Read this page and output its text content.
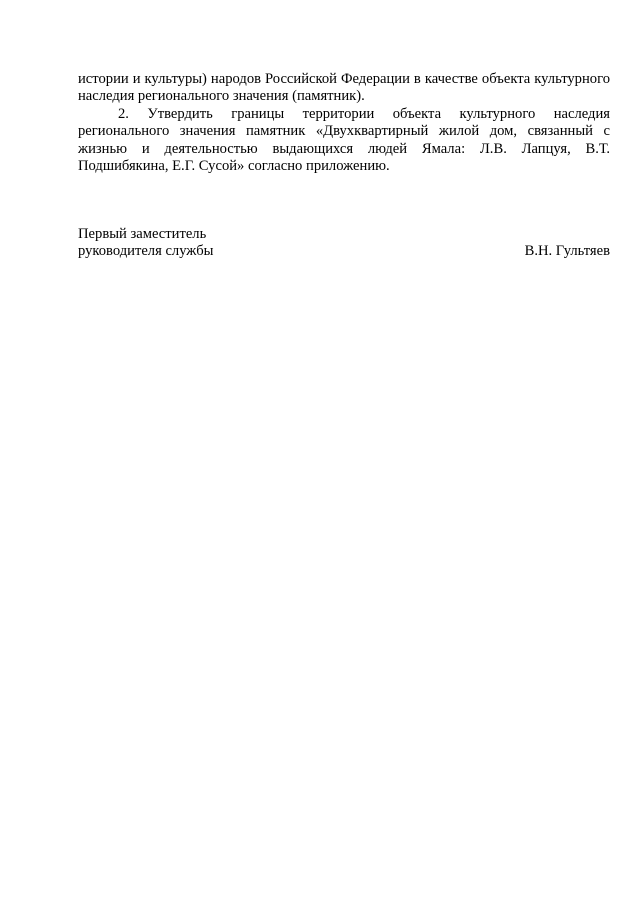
истории и культуры) народов Российской Федерации в качестве объекта культурного наследия регионального значения (памятник).

2. Утвердить границы территории объекта культурного наследия регионального значения памятник «Двухквартирный жилой дом, связанный с жизнью и деятельностью выдающихся людей Ямала: Л.В. Лапцуя, В.Т. Подшибякина, Е.Г. Сусой» согласно приложению.

Первый заместитель
руководителя службы	В.Н. Гультяев
